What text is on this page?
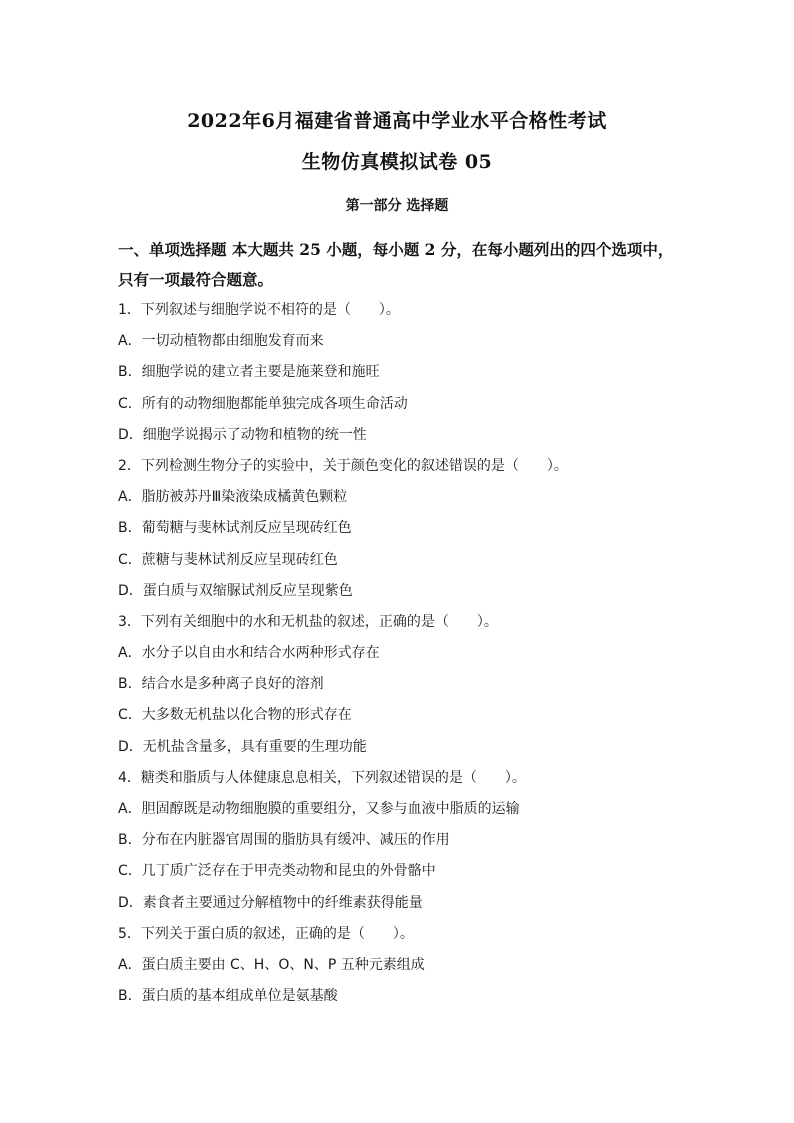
2022年6月福建省普通高中学业水平合格性考试
生物仿真模拟试卷 05
第一部分 选择题
一、单项选择题 本大题共 25 小题，每小题 2 分，在每小题列出的四个选项中，
只有一项最符合题意。
1．下列叙述与细胞学说不相符的是（　　）。
A．一切动植物都由细胞发育而来
B．细胞学说的建立者主要是施莱登和施旺
C．所有的动物细胞都能单独完成各项生命活动
D．细胞学说揭示了动物和植物的统一性
2．下列检测生物分子的实验中，关于颜色变化的叙述错误的是（　　）。
A．脂肪被苏丹Ⅲ染液染成橘黄色颗粒
B．葡萄糖与斐林试剂反应呈现砖红色
C．蔗糖与斐林试剂反应呈现砖红色
D．蛋白质与双缩脲试剂反应呈现紫色
3．下列有关细胞中的水和无机盐的叙述，正确的是（　　）。
A．水分子以自由水和结合水两种形式存在
B．结合水是多种离子良好的溶剂
C．大多数无机盐以化合物的形式存在
D．无机盐含量多，具有重要的生理功能
4．糖类和脂质与人体健康息息相关，下列叙述错误的是（　　）。
A．胆固醇既是动物细胞膜的重要组分，又参与血液中脂质的运输
B．分布在内脏器官周围的脂肪具有缓冲、减压的作用
C．几丁质广泛存在于甲壳类动物和昆虫的外骨骼中
D．素食者主要通过分解植物中的纤维素获得能量
5．下列关于蛋白质的叙述，正确的是（　　）。
A．蛋白质主要由 C、H、O、N、P 五种元素组成
B．蛋白质的基本组成单位是氨基酸
